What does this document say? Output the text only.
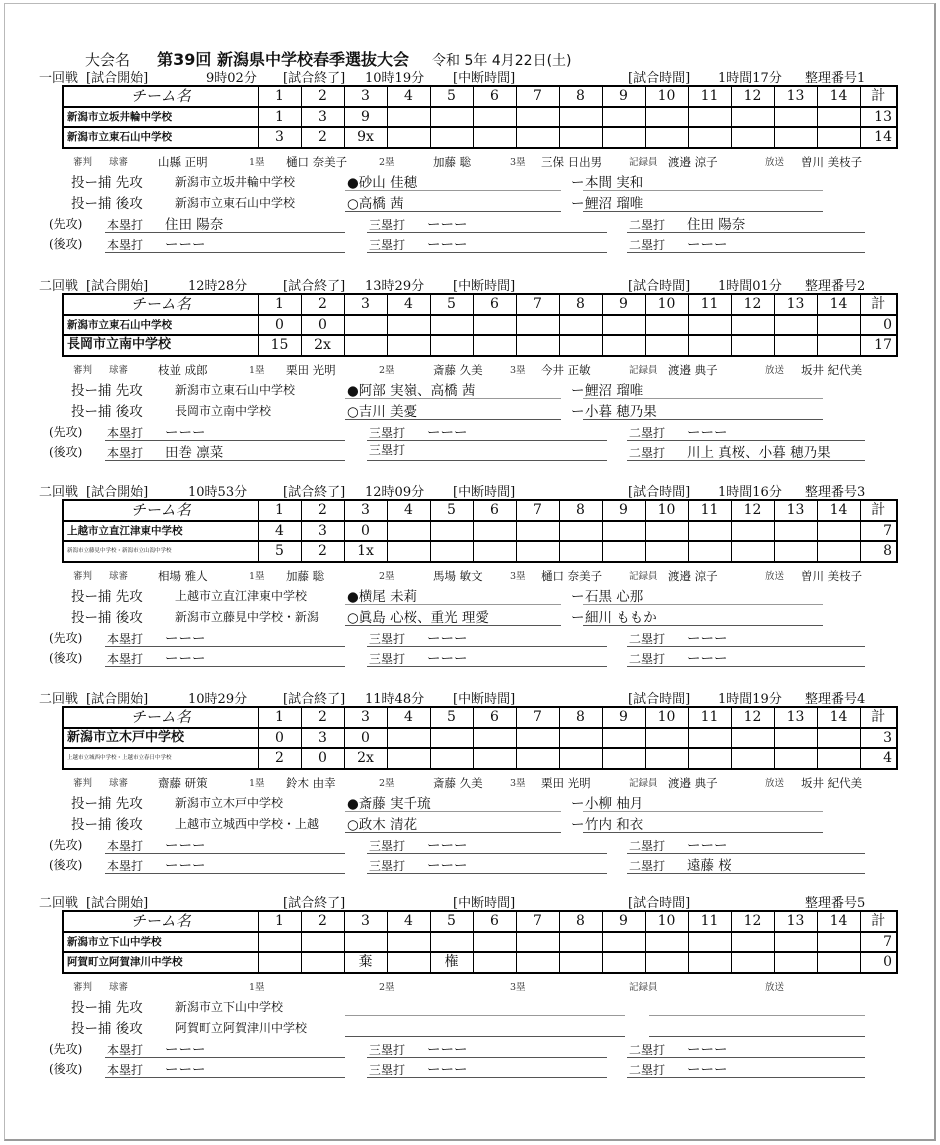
大会名 第39回 新潟県中学校春季選抜大会 令和 5年 4月22日(土)
一回戦 [試合開始]	9時02分 [試合終了] 10時19分 [中断時間]	[試合時間] 1時間17分 整理番号1
チーム名	1	2	3	4	5	6	7	8	9	10	11	12	13	14	計
新潟市立坂井輪中学校	1	3	9												13
新潟市立東石山中学校	3	2	9x												14
審判 球審	山縣 正明	1塁 樋口 奈美子	2塁	加藤 聡	3塁 三保 日出男	記録員 渡邉 涼子	放送 曽川 美枝子
投ー捕 先攻	新潟市立坂井輪中学校	●砂山 佳穂	ー 本間 実和
投ー捕 後攻	新潟市立東石山中学校	○高橋 茜	ー 鯉沼 瑠唯
(先攻) 本塁打 住田 陽奈	三塁打 ーーー	二塁打 住田 陽奈
(後攻) 本塁打 ーーー	三塁打 ーーー	二塁打 ーーー
二回戦 [試合開始]	12時28分	[試合終了] 13時29分 [中断時間]	[試合時間] 1時間01分 整理番号2
チーム名	1	2	3	4	5	6	7	8	9	10	11	12	13	14	計
新潟市立東石山中学校	0	0													0
長岡市立南中学校	15	2x													17
審判 球審	枝並 成郎	1塁 栗田 光明	2塁	斎藤 久美	3塁 今井 正敏	記録員 渡邉 典子	放送 坂井 紀代美
投ー捕 先攻	新潟市立東石山中学校	●阿部 実嶺、高橋 茜	ー 鯉沼 瑠唯
投ー捕 後攻	長岡市立南中学校	○吉川 美憂	ー 小暮 穂乃果
(先攻) 本塁打 ーーー	三塁打 ーーー	二塁打 ーーー
(後攻) 本塁打 田巻 凛菜	三塁打	二塁打 川上 真桜、小暮 穂乃果
二回戦 [試合開始]	10時53分	[試合終了] 12時09分 [中断時間]	[試合時間] 1時間16分 整理番号3
チーム名	1	2	3	4	5	6	7	8	9	10	11	12	13	14	計
上越市立直江津東中学校	4	3	0												7
新潟市立藤見中学校・新潟市立山潟中学校	5	2	1x												8
審判 球審	相場 雅人	1塁 加藤 聡	2塁	馬場 敏文	3塁 樋口 奈美子	記録員 渡邉 涼子	放送 曽川 美枝子
投ー捕 先攻	上越市立直江津東中学校	●横尾 未莉	ー 石黒 心那
投ー捕 後攻	新潟市立藤見中学校・新潟 ○眞島 心桜、重光 理愛	ー 細川 ももか
(先攻) 本塁打 ーーー	三塁打 ーーー	二塁打 ーーー
(後攻) 本塁打 ーーー	三塁打 ーーー	二塁打 ーーー
二回戦 [試合開始]	10時29分	[試合終了] 11時48分 [中断時間]	[試合時間] 1時間19分 整理番号4
チーム名	1	2	3	4	5	6	7	8	9	10	11	12	13	14	計
新潟市立木戸中学校	0	3	0												3
上越市立城西中学校・上越市立春日中学校	2	0	2x												4
審判 球審	齋藤 研策	1塁 鈴木 由幸	2塁	斎藤 久美	3塁 栗田 光明	記録員 渡邉 典子	放送 坂井 紀代美
投ー捕 先攻	新潟市立木戸中学校	●斎藤 実千琉	ー 小柳 柚月
投ー捕 後攻	上越市立城西中学校・上越 ○政木 清花	ー 竹内 和衣
(先攻) 本塁打 ーーー	三塁打 ーーー	二塁打 ーーー
(後攻) 本塁打 ーーー	三塁打 ーーー	二塁打 遠藤 桜
二回戦 [試合開始]	[試合終了]	[中断時間]	[試合時間]	整理番号5
チーム名	1	2	3	4	5	6	7	8	9	10	11	12	13	14	計
新潟市立下山中学校															7
阿賀町立阿賀津川中学校			棄		権										0
審判 球審	1塁	2塁	3塁	記録員	放送
投ー捕 先攻	新潟市立下山中学校
投ー捕 後攻	阿賀町立阿賀津川中学校
(先攻) 本塁打 ーーー	三塁打 ーーー	二塁打 ーーー
(後攻) 本塁打 ーーー	三塁打 ーーー	二塁打 ーーー
